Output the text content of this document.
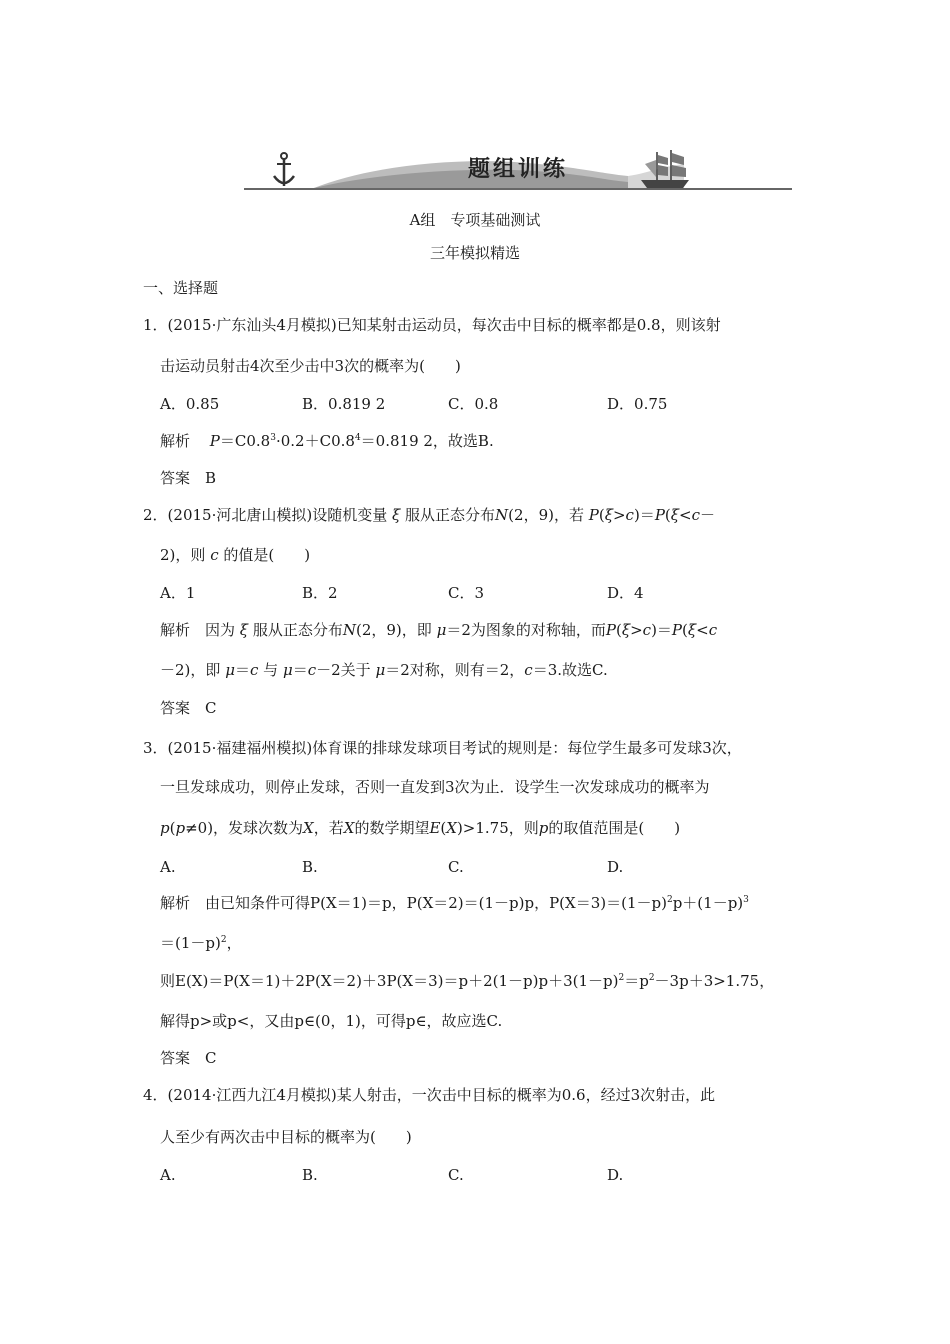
题组训练
A组　专项基础测试
三年模拟精选
一、选择题
1．(2015·广东汕头4月模拟)已知某射击运动员，每次击中目标的概率都是0.8，则该射
击运动员射击4次至少击中3次的概率为(　　)
A．0.85	B．0.819 2	C．0.8	D．0.75
解析　 $P=C0.8^3\cdot 0.2+C0.8^4=0.819$ 2，故选B.
答案　B
2．(2015·河北唐山模拟)设随机变量 ξ 服从正态分布N(2，9)，若 P(ξ>c)＝P(ξ<c－
2)，则 c 的值是(　　)
A．1	B．2	C．3	D．4
解析　因为 ξ 服从正态分布N(2，9)，即 μ＝2为图象的对称轴，而P(ξ>c)＝P(ξ<c
－2)，即 μ＝c 与 μ＝c－2关于 μ＝2对称，则有＝2，c＝3.故选C.
答案　C
3．(2015·福建福州模拟)体育课的排球发球项目考试的规则是：每位学生最多可发球3次，
一旦发球成功，则停止发球，否则一直发到3次为止．设学生一次发球成功的概率为
p(p≠0)，发球次数为X，若X的数学期望E(X)>1.75，则p的取值范围是(　　)
A.	B.	C.	D.
解析　由已知条件可得P(X＝1)＝p，P(X＝2)＝(1－p)p，$P(X=3)=(1-p)^2p+(1-p)^3$
$=(1-p)^2$，
则$E(X)=P(X=1)+2P(X=2)+3P(X=3)=p+2(1-p)p+3(1-p)^2=p^2-3p+3>1.75$，
解得p>或p<，又由p∈(0，1)，可得p∈，故应选C.
答案　C
4．(2014·江西九江4月模拟)某人射击，一次击中目标的概率为0.6，经过3次射击，此
人至少有两次击中目标的概率为(　　)
A.	B.	C.	D.
